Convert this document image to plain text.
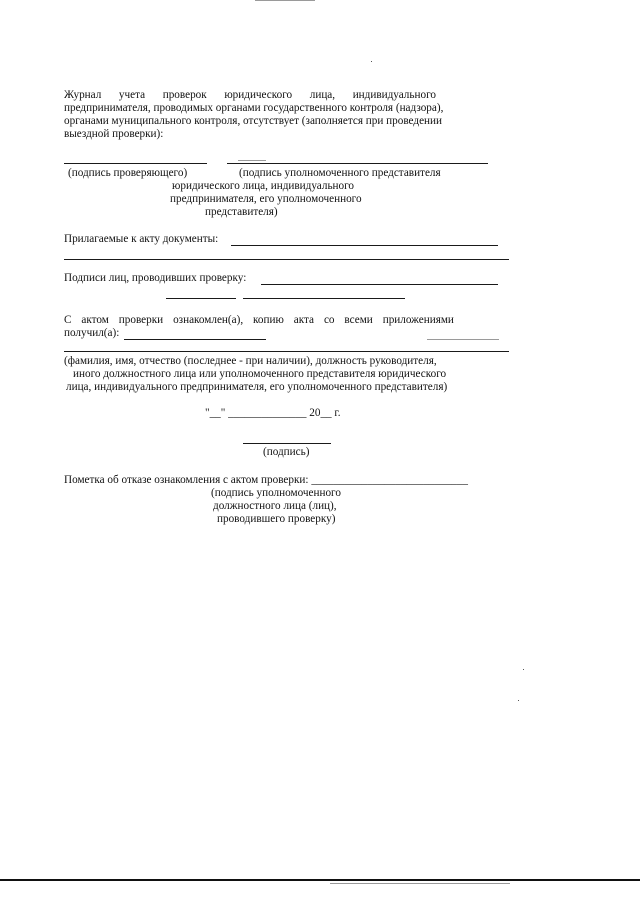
Журнал учета проверок юридического лица, индивидуального
предпринимателя, проводимых органами государственного контроля (надзора),
органами муниципального контроля, отсутствует (заполняется при проведении
выездной проверки):
(подпись проверяющего)	(подпись уполномоченного представителя
юридического лица, индивидуального
предпринимателя, его уполномоченного
представителя)
Прилагаемые к акту документы:
Подписи лиц, проводивших проверку:
С актом проверки ознакомлен(а), копию акта со всеми приложениями
получил(а):
(фамилия, имя, отчество (последнее - при наличии), должность руководителя,
иного должностного лица или уполномоченного представителя юридического
лица, индивидуального предпринимателя, его уполномоченного представителя)
"__" ______________ 20__ г.
(подпись)
Пометка об отказе ознакомления с актом проверки: ____________________________
(подпись уполномоченного
должностного лица (лиц),
проводившего проверку)
